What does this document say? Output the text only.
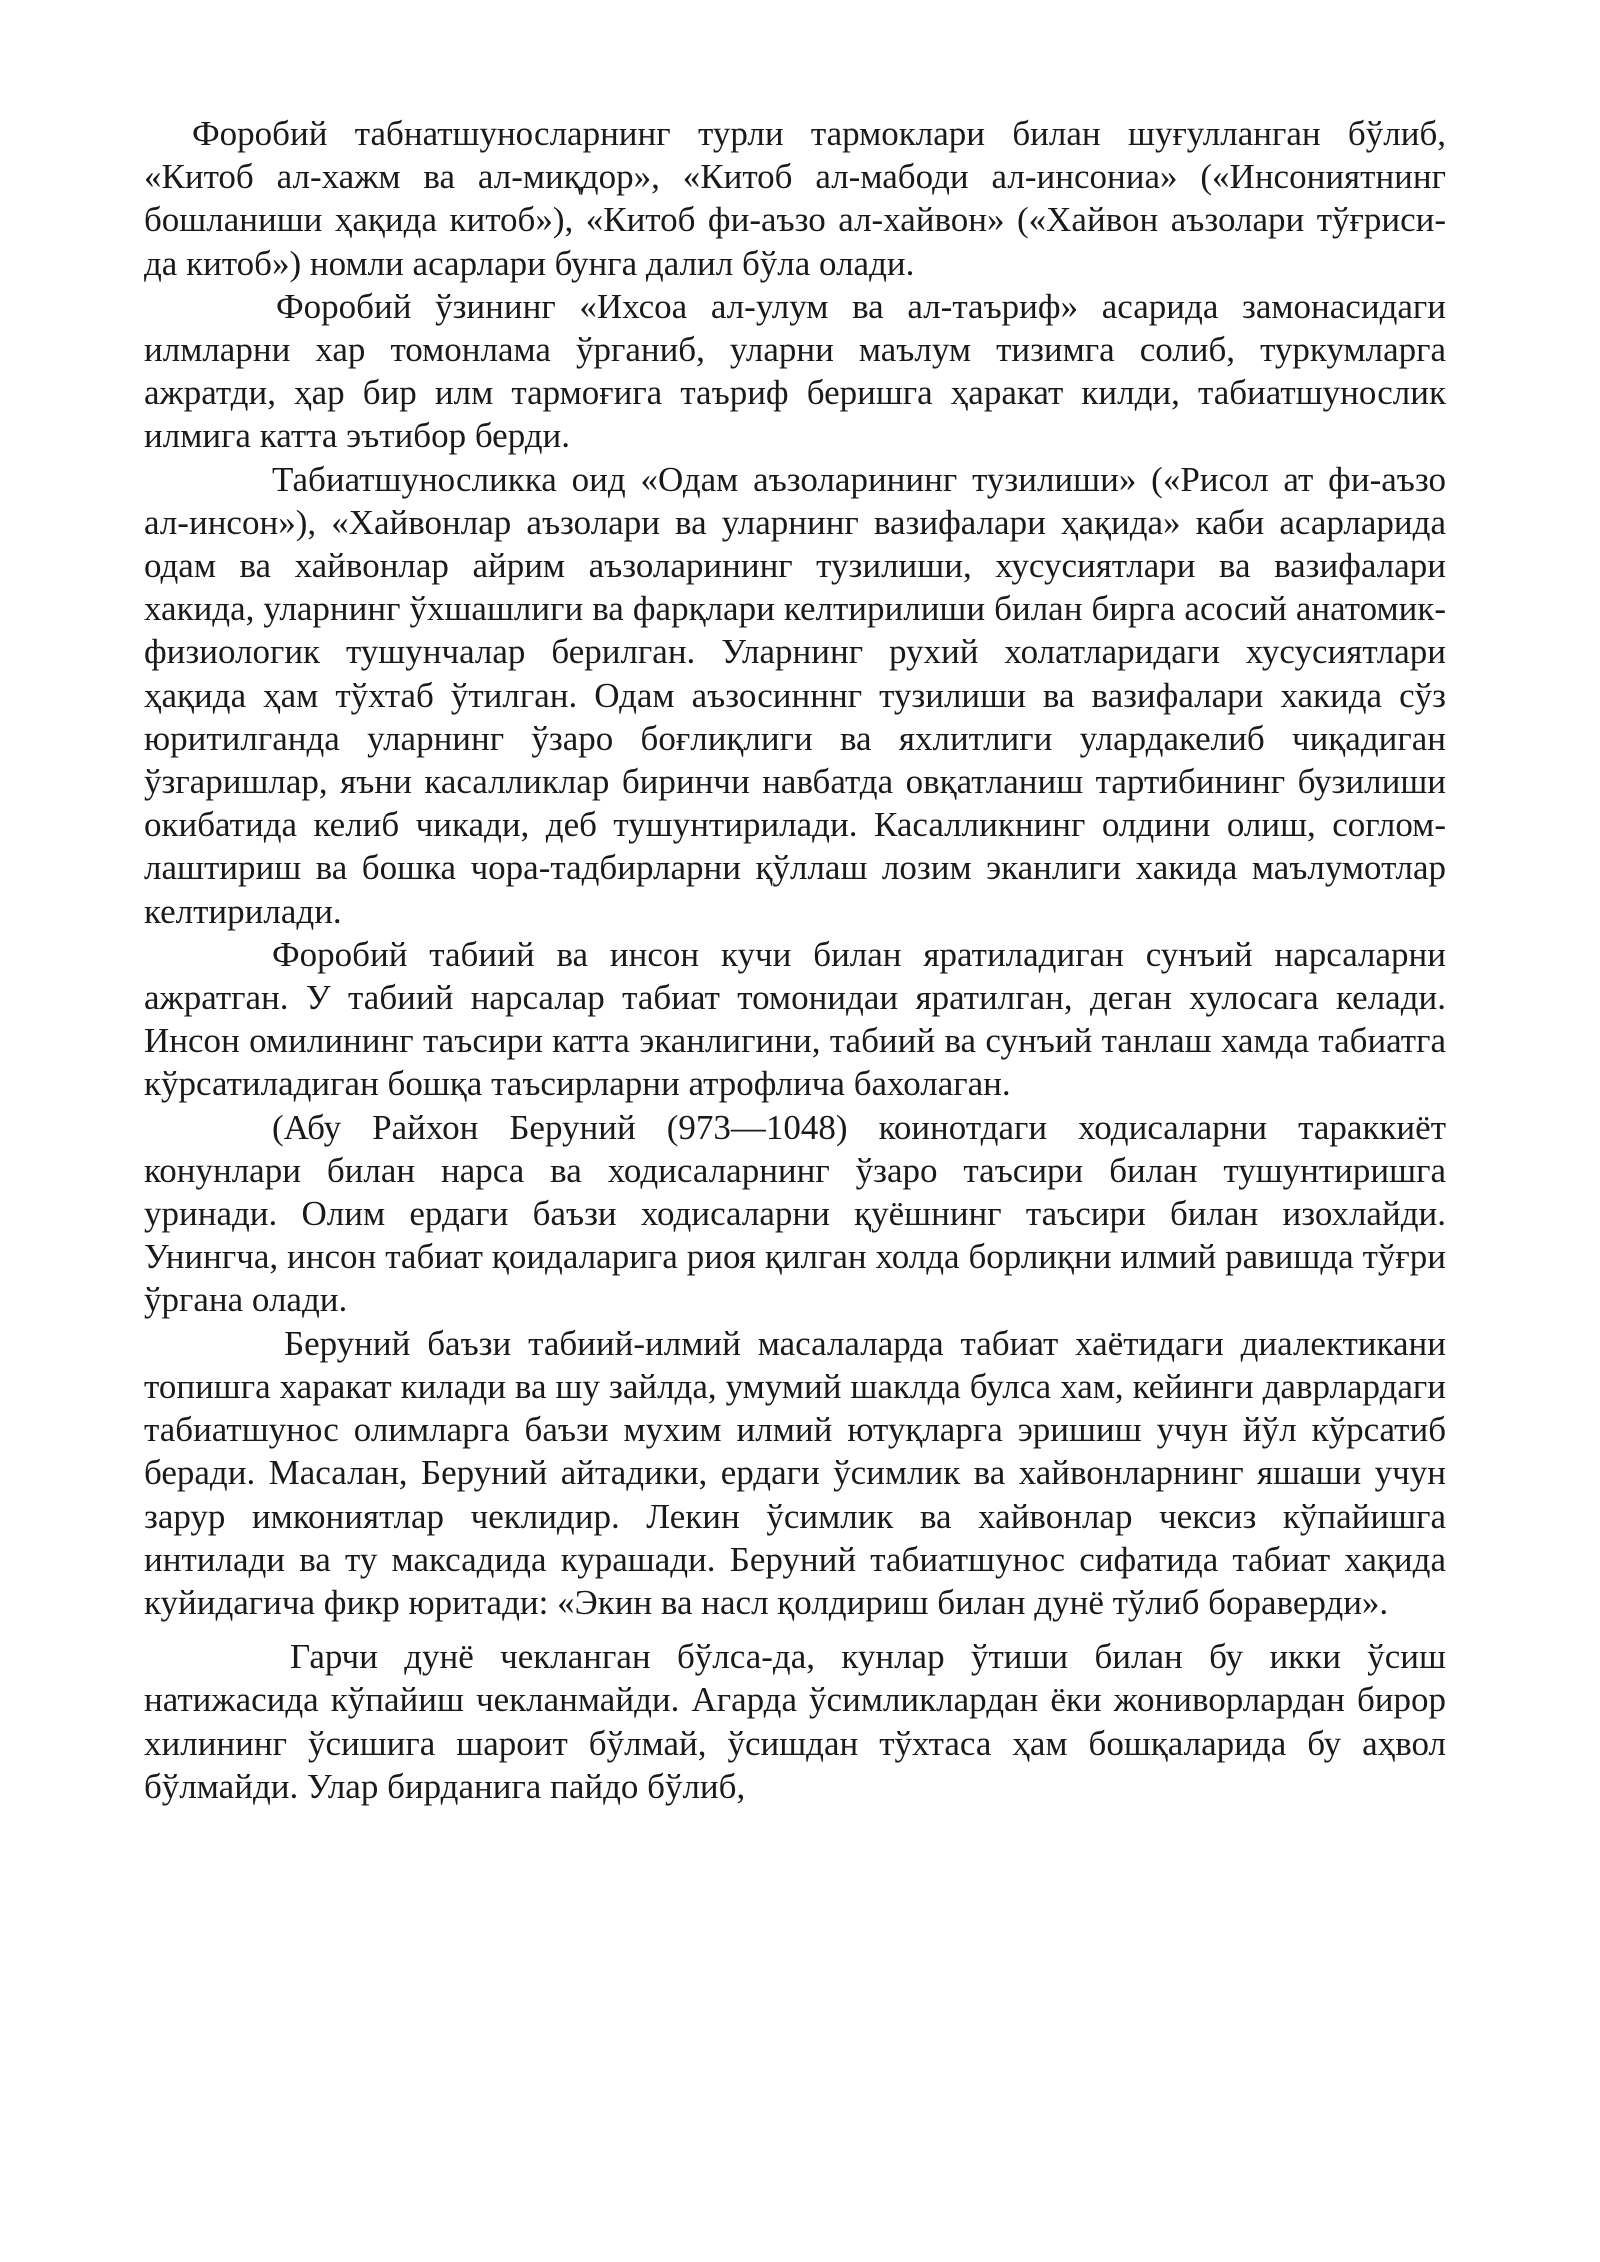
Форобий табнатшуносларнинг турли тармоклари билан шуғулланган бўлиб, «Китоб ал-хажм ва ал-миқдор», «Китоб ал-мабоди ал-инсониа» («Инсониятнинг бошланиши ҳақида китоб»), «Китоб фи-аъзо ал-хайвон» («Хайвон аъзолари тўғриси-да китоб») номли асарлари бунга далил бўла олади.

Форобий ўзининг «Ихсоа ал-улум ва ал-таъриф» асарида замонасидаги илмларни хар томонлама ўрганиб, уларни маълум тизимга солиб, туркумларга ажратди, ҳар бир илм тармоғига таъриф беришга ҳаракат килди, табиатшунослик илмига катта эътибор берди.

Табиатшуносликка оид «Одам аъзоларининг тузилиши» («Рисол ат фи-аъзо ал-инсон»), «Хайвонлар аъзолари ва уларнинг вазифалари ҳақида» каби асарларида одам ва хайвонлар айрим аъзоларининг тузилиши, хусусиятлари ва вазифалари хакида, уларнинг ўхшашлиги ва фарқлари келтирилиши билан бирга асосий анатомик-физиологик тушунчалар берилган. Уларнинг рухий холатларидаги хусусиятлари ҳақида ҳам тўхтаб ўтилган. Одам аъзосинннг тузилиши ва вазифалари хакида сўз юритилганда уларнинг ўзаро боғлиқлиги ва яхлитлиги улардакелиб чиқадиган ўзгаришлар, яъни касалликлар биринчи навбатда овқатланиш тартибининг бузилиши окибатида келиб чикади, деб тушунтирилади. Касалликнинг олдини олиш, соглом-лаштириш ва бошка чора-тадбирларни қўллаш лозим эканлиги хакида маълумотлар келтирилади.

Форобий табиий ва инсон кучи билан яратиладиган сунъий нарсаларни ажратган. У табиий нарсалар табиат томонидаи яратилган, деган хулосага келади. Инсон омилининг таъсири катта эканлигини, табиий ва сунъий танлаш хамда табиатга кўрсатиладиган бошқа таъсирларни атрофлича бахолаган.

(Абу Райхон Беруний (973—1048) коинотдаги ходисаларни тараккиёт конунлари билан нарса ва ходисаларнинг ўзаро таъсири билан тушунтиришга уринади. Олим ердаги баъзи ходисаларни қуёшнинг таъсири билан изохлайди. Унингча, инсон табиат қоидаларига риоя қилган холда борлиқни илмий равишда тўғри ўргана олади.

Беруний баъзи табиий-илмий масалаларда табиат хаётидаги диалектикани топишга харакат килади ва шу зайлда, умумий шаклда булса хам, кейинги даврлардаги табиатшунос олимларга баъзи мухим илмий ютуқларга эришиш учун йўл кўрсатиб беради. Масалан, Беруний айтадики, ердаги ўсимлик ва хайвонларнинг яшаши учун зарур имкониятлар чеклидир. Лекин ўсимлик ва хайвонлар чексиз кўпайишга интилади ва ту максадида курашади. Беруний табиатшунос сифатида табиат хақида куйидагича фикр юритади: «Экин ва насл қолдириш билан дунё тўлиб бораверди».

Гарчи дунё чекланган бўлса-да, кунлар ўтиши билан бу икки ўсиш натижасида кўпайиш чекланмайди. Агарда ўсимликлардан ёки жониворлардан бирор хилининг ўсишига шароит бўлмай, ўсишдан тўхтаса ҳам бошқаларида бу аҳвол бўлмайди. Улар бирданига пайдо бўлиб,
